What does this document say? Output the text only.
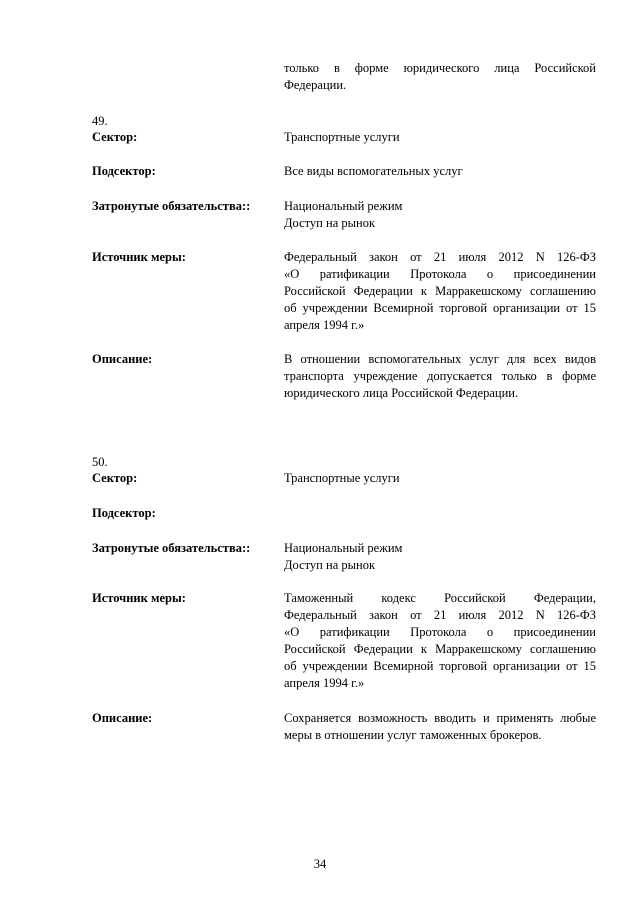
только в форме юридического лица Российской
Федерации.
49.
Сектор:	Транспортные услуги
Подсектор:	Все виды вспомогательных услуг
Затронутые обязательства::	Национальный режим
Доступ на рынок
Источник меры:	Федеральный закон от 21 июля 2012 N 126-ФЗ
«О ратификации Протокола о присоединении
Российской Федерации к Марракешскому соглашению
об учреждении Всемирной торговой организации от 15
апреля 1994 г.»
Описание:	В отношении вспомогательных услуг для всех видов
транспорта учреждение допускается только в форме
юридического лица Российской Федерации.
50.
Сектор:	Транспортные услуги
Подсектор:
Затронутые обязательства::	Национальный режим
Доступ на рынок
Источник меры:	Таможенный кодекс Российской Федерации,
Федеральный закон от 21 июля 2012 N 126-ФЗ
«О ратификации Протокола о присоединении
Российской Федерации к Марракешскому соглашению
об учреждении Всемирной торговой организации от 15
апреля 1994 г.»
Описание:	Сохраняется возможность вводить и применять любые
меры в отношении услуг таможенных брокеров.
34
